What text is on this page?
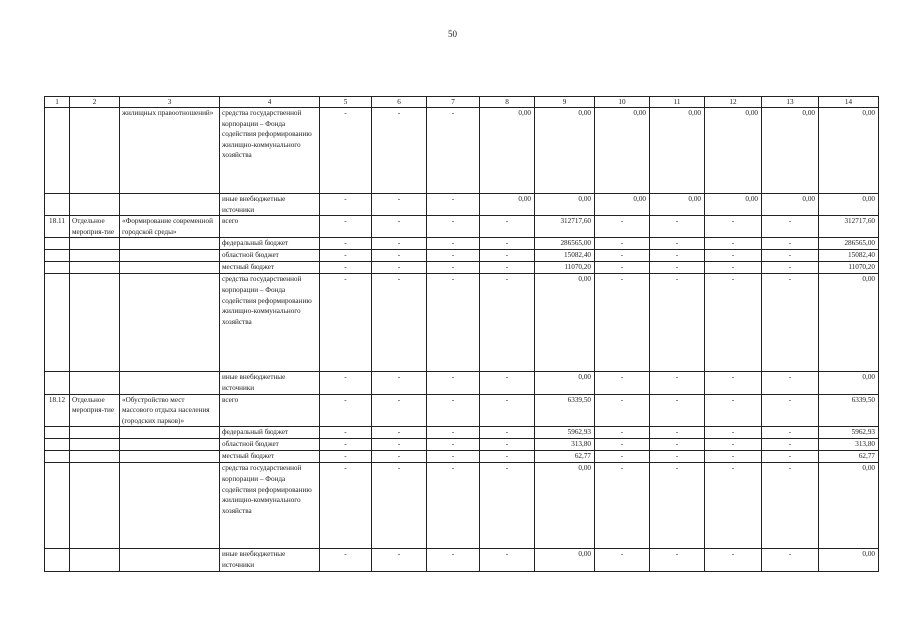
50
1	2	3	4	5	6	7	8	9	10	11	12	13	14
		жилищных правоотношений»	средства государственной корпорации – Фонда содействия реформированию жилищно-коммунального хозяйства	-	-	-	0,00	0,00	0,00	0,00	0,00	0,00	0,00
			иные внебюджетные источники	-	-	-	0,00	0,00	0,00	0,00	0,00	0,00	0,00
18.11	Отдельное мероприя-тие	«Формирование современной городской среды»	всего	-	-	-	-	312717,60	-	-	-	-	312717,60
			федеральный бюджет	-	-	-	-	286565,00	-	-	-	-	286565,00
			областной бюджет	-	-	-	-	15082,40	-	-	-	-	15082,40
			местный бюджет	-	-	-	-	11070,20	-	-	-	-	11070,20
			средства государственной корпорации – Фонда содействия реформированию жилищно-коммунального хозяйства	-	-	-	-	0,00	-	-	-	-	0,00
			иные внебюджетные источники	-	-	-	-	0,00	-	-	-	-	0,00
18.12	Отдельное мероприя-тие	«Обустройство мест массового отдыха населения (городских парков)»	всего	-	-	-	-	6339,50	-	-	-	-	6339,50
			федеральный бюджет	-	-	-	-	5962,93	-	-	-	-	5962,93
			областной бюджет	-	-	-	-	313,80	-	-	-	-	313,80
			местный бюджет	-	-	-	-	62,77	-	-	-	-	62,77
			средства государственной корпорации – Фонда содействия реформированию жилищно-коммунального хозяйства	-	-	-	-	0,00	-	-	-	-	0,00
			иные внебюджетные источники	-	-	-	-	0,00	-	-	-	-	0,00
